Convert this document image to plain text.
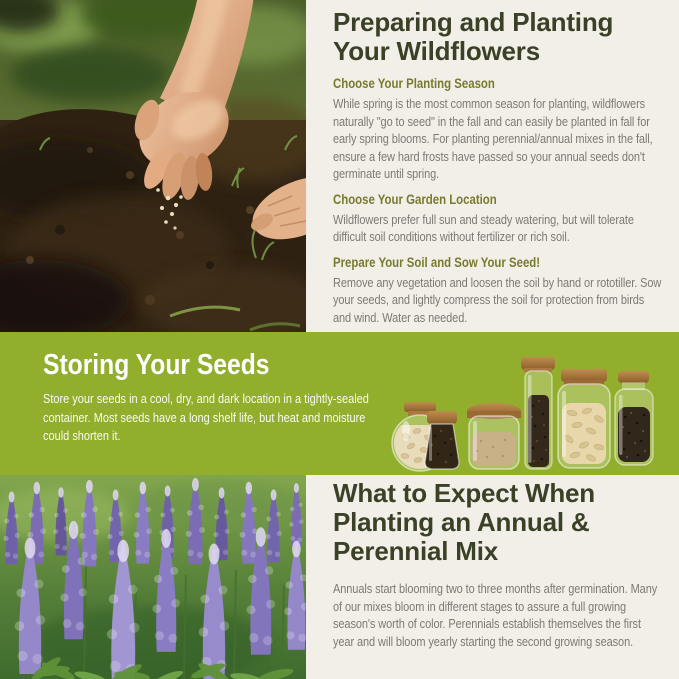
Preparing and Planting
Your Wildflowers

Choose Your Planting Season

While spring is the most common season for planting, wildflowers naturally "go to seed" in the fall and can easily be planted in fall for early spring blooms. For planting perennial/annual mixes in the fall, ensure a few hard frosts have passed so your annual seeds don't germinate until spring.

Choose Your Garden Location

Wildflowers prefer full sun and steady watering, but will tolerate difficult soil conditions without fertilizer or rich soil.

Prepare Your Soil and Sow Your Seed!

Remove any vegetation and loosen the soil by hand or rototiller. Sow your seeds, and lightly compress the soil for protection from birds and wind. Water as needed.

Storing Your Seeds

Store your seeds in a cool, dry, and dark location in a tightly-sealed container. Most seeds have a long shelf life, but heat and moisture could shorten it.

What to Expect When
Planting an Annual &
Perennial Mix

Annuals start blooming two to three months after germination. Many of our mixes bloom in different stages to assure a full growing season's worth of color. Perennials establish themselves the first year and will bloom yearly starting the second growing season.
